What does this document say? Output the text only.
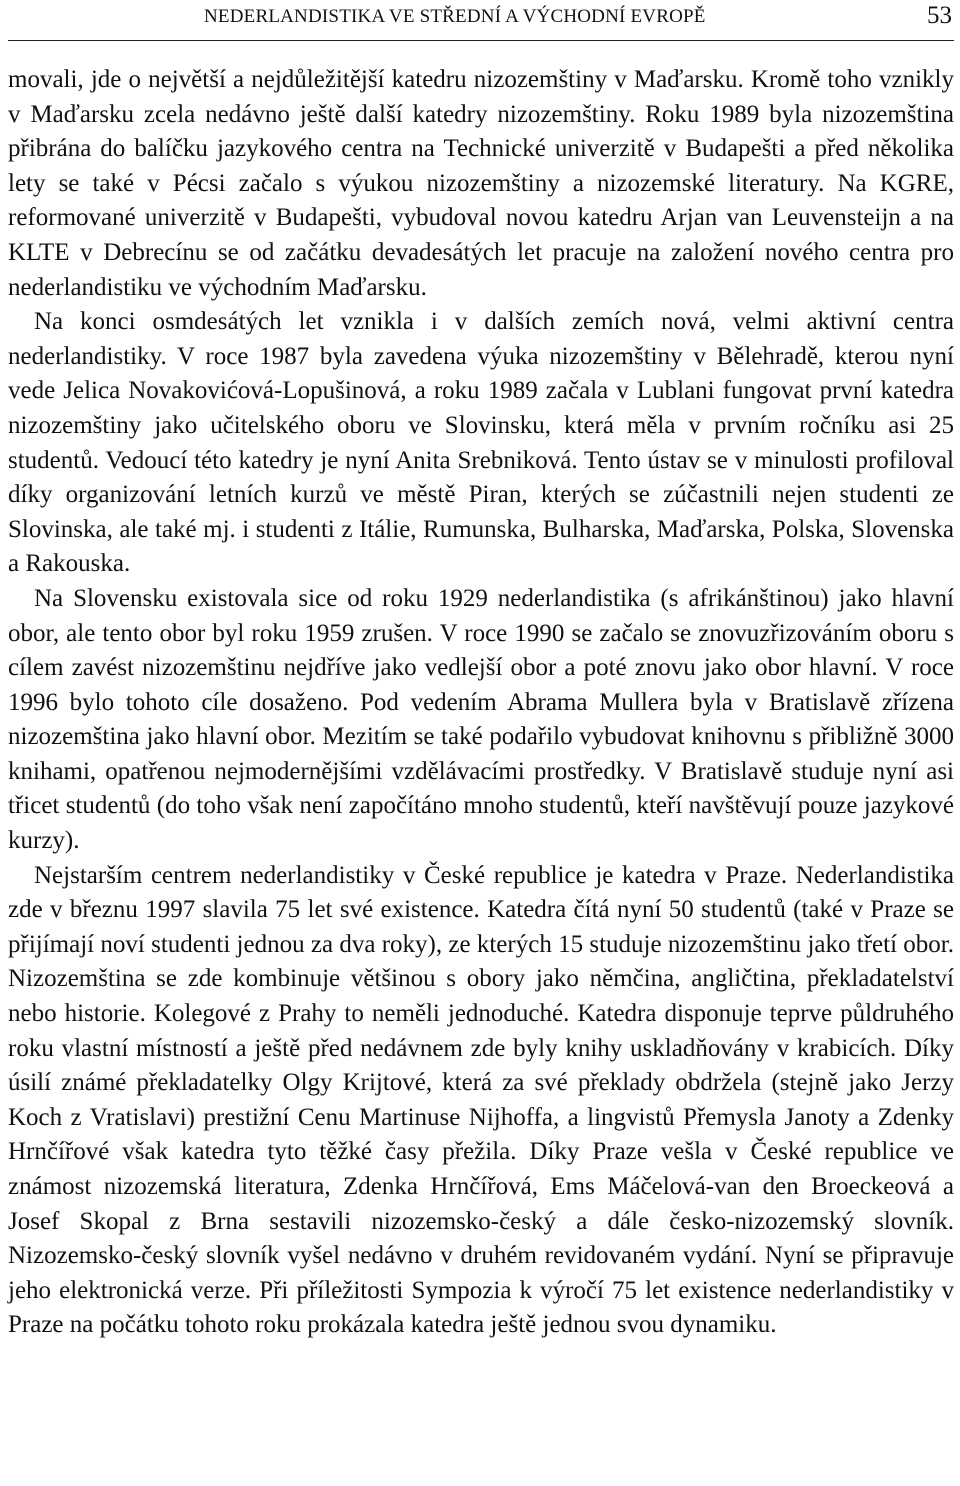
NEDERLANDISTIKA VE STŘEDNÍ A VÝCHODNÍ EVROPĚ	53

movali, jde o největší a nejdůležitější katedru nizozemštiny v Maďarsku. Kromě toho vznikly v Maďarsku zcela nedávno ještě další katedry nizozemštiny. Roku 1989 byla nizozemština přibrána do balíčku jazykového centra na Technické univerzitě v Budapešti a před několika lety se také v Pécsi začalo s výukou nizozemštiny a nizozemské literatury. Na KGRE, reformované univerzitě v Budapešti, vybudoval novou katedru Arjan van Leuvensteijn a na KLTE v Debrecínu se od začátku devadesátých let pracuje na založení nového centra pro nederlandistiku ve východním Maďarsku.

Na konci osmdesátých let vznikla i v dalších zemích nová, velmi aktivní centra nederlandistiky. V roce 1987 byla zavedena výuka nizozemštiny v Bělehradě, kterou nyní vede Jelica Novakovićová-Lopušinová, a roku 1989 začala v Lublani fungovat první katedra nizozemštiny jako učitelského oboru ve Slovinsku, která měla v prvním ročníku asi 25 studentů. Vedoucí této katedry je nyní Anita Srebniková. Tento ústav se v minulosti profiloval díky organizování letních kurzů ve městě Piran, kterých se zúčastnili nejen studenti ze Slovinska, ale také mj. i studenti z Itálie, Rumunska, Bulharska, Maďarska, Polska, Slovenska a Rakouska.

Na Slovensku existovala sice od roku 1929 nederlandistika (s afrikánštinou) jako hlavní obor, ale tento obor byl roku 1959 zrušen. V roce 1990 se začalo se znovuzřizováním oboru s cílem zavést nizozemštinu nejdříve jako vedlejší obor a poté znovu jako obor hlavní. V roce 1996 bylo tohoto cíle dosaženo. Pod vedením Abrama Mullera byla v Bratislavě zřízena nizozemština jako hlavní obor. Mezitím se také podařilo vybudovat knihovnu s přibližně 3000 knihami, opatřenou nejmodernějšími vzdělávacími prostředky. V Bratislavě studuje nyní asi třicet studentů (do toho však není započítáno mnoho studentů, kteří navštěvují pouze jazykové kurzy).

Nejstarším centrem nederlandistiky v České republice je katedra v Praze. Nederlandistika zde v březnu 1997 slavila 75 let své existence. Katedra čítá nyní 50 studentů (také v Praze se přijímají noví studenti jednou za dva roky), ze kterých 15 studuje nizozemštinu jako třetí obor. Nizozemština se zde kombinuje většinou s obory jako němčina, angličtina, překladatelství nebo historie. Kolegové z Prahy to neměli jednoduché. Katedra disponuje teprve půldruhého roku vlastní místností a ještě před nedávnem zde byly knihy uskladňovány v krabicích. Díky úsilí známé překladatelky Olgy Krijtové, která za své překlady obdržela (stejně jako Jerzy Koch z Vratislavi) prestižní Cenu Martinuse Nijhoffa, a lingvistů Přemysla Janoty a Zdenky Hrnčířové však katedra tyto těžké časy přežila. Díky Praze vešla v České republice ve známost nizozemská literatura, Zdenka Hrnčířová, Ems Máčelová-van den Broeckeová a Josef Skopal z Brna sestavili nizozemsko-český a dále česko-nizozemský slovník. Nizozemsko-český slovník vyšel nedávno v druhém revidovaném vydání. Nyní se připravuje jeho elektronická verze. Při příležitosti Sympozia k výročí 75 let existence nederlandistiky v Praze na počátku tohoto roku prokázala katedra ještě jednou svou dynamiku.
